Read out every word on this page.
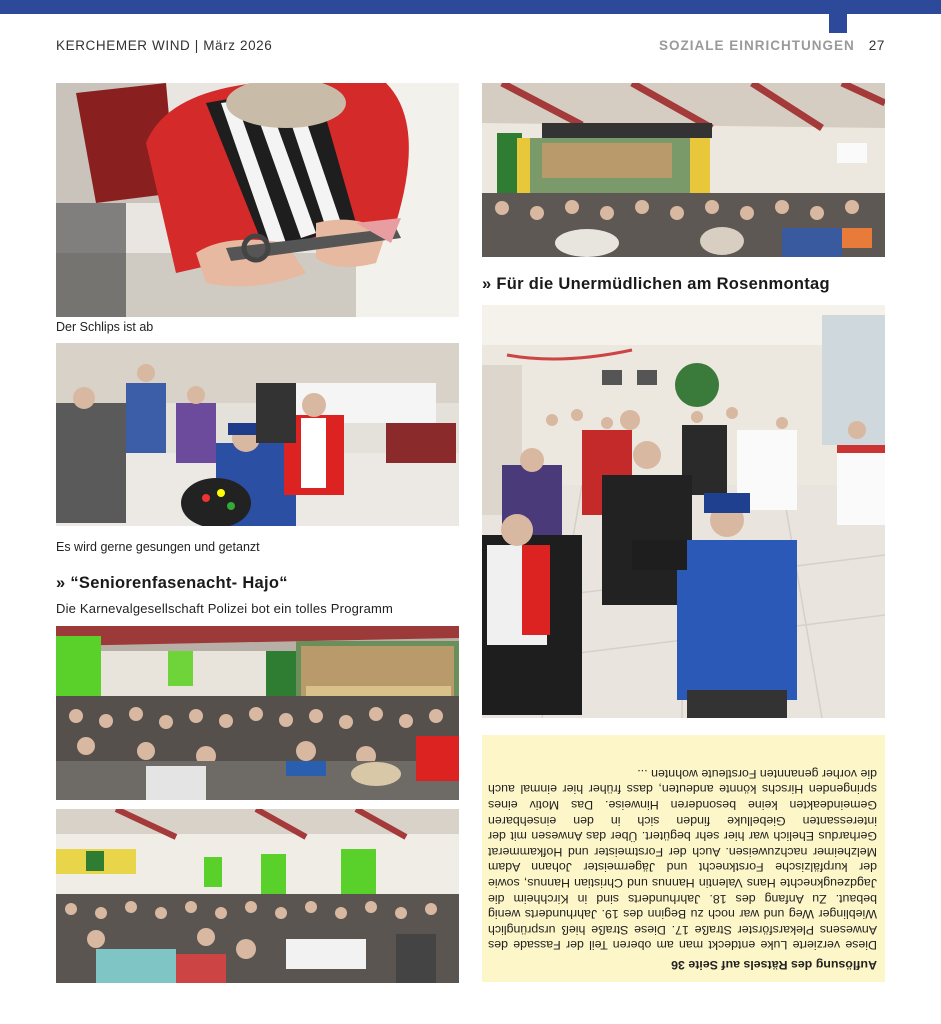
KERCHEMER WIND | März 2026	SOZIALE EINRICHTUNGEN 27
Der Schlips ist ab
Es wird gerne gesungen und getanzt
» “Seniorenfasenacht- Hajo“
Die Karnevalgesellschaft Polizei bot ein tolles Programm
» Für die Unermüdlichen am Rosenmontag
Auflösung des Rätsels auf Seite 36
Diese verzierte Luke entdeckt man am oberen Teil der Fassade des Anwesens Plekarsförster Straße 17. Diese Straße hieß ursprünglich Wieblinger Weg und war noch zu Beginn des 19. Jahrhunderts wenig bebaut. Zu Anfang des 18. Jahrhunderts sind in Kirchheim die Jagdzeugknechte Hans Valentin Hannus und Christian Hannus, sowie der kurpfälzische Forstknecht und Jägermeister Johann Adam Melzheimer nachzuweisen. Auch der Forstmeister und Hofkammerat Gerhardus Ehelich war hier sehr begütert. Über das Anwesen mit der interessanten Giebelluke finden sich in den einsehbaren Gemeindeakten keine besonderen Hinweise. Das Motiv eines springenden Hirschs könnte andeuten, dass früher hier einmal auch die vorher genannten Forstleute wohnten ...
